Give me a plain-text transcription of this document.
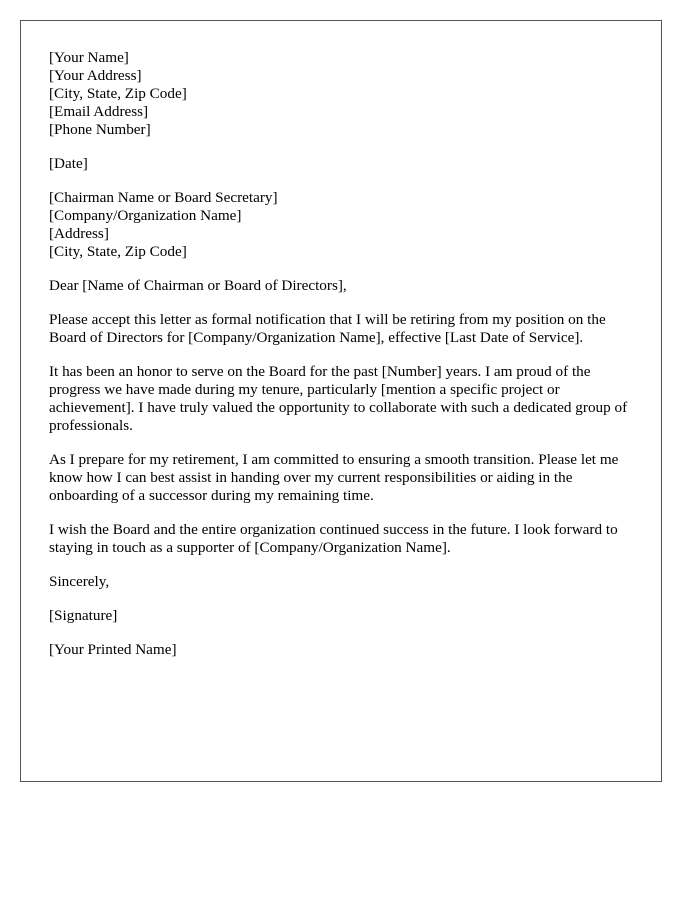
[Your Name]
[Your Address]
[City, State, Zip Code]
[Email Address]
[Phone Number]
[Date]
[Chairman Name or Board Secretary]
[Company/Organization Name]
[Address]
[City, State, Zip Code]

Dear [Name of Chairman or Board of Directors],

Please accept this letter as formal notification that I will be retiring from my position on the Board of Directors for [Company/Organization Name], effective [Last Date of Service].

It has been an honor to serve on the Board for the past [Number] years. I am proud of the progress we have made during my tenure, particularly [mention a specific project or achievement]. I have truly valued the opportunity to collaborate with such a dedicated group of professionals.

As I prepare for my retirement, I am committed to ensuring a smooth transition. Please let me know how I can best assist in handing over my current responsibilities or aiding in the onboarding of a successor during my remaining time.

I wish the Board and the entire organization continued success in the future. I look forward to staying in touch as a supporter of [Company/Organization Name].

Sincerely,

[Signature]

[Your Printed Name]
